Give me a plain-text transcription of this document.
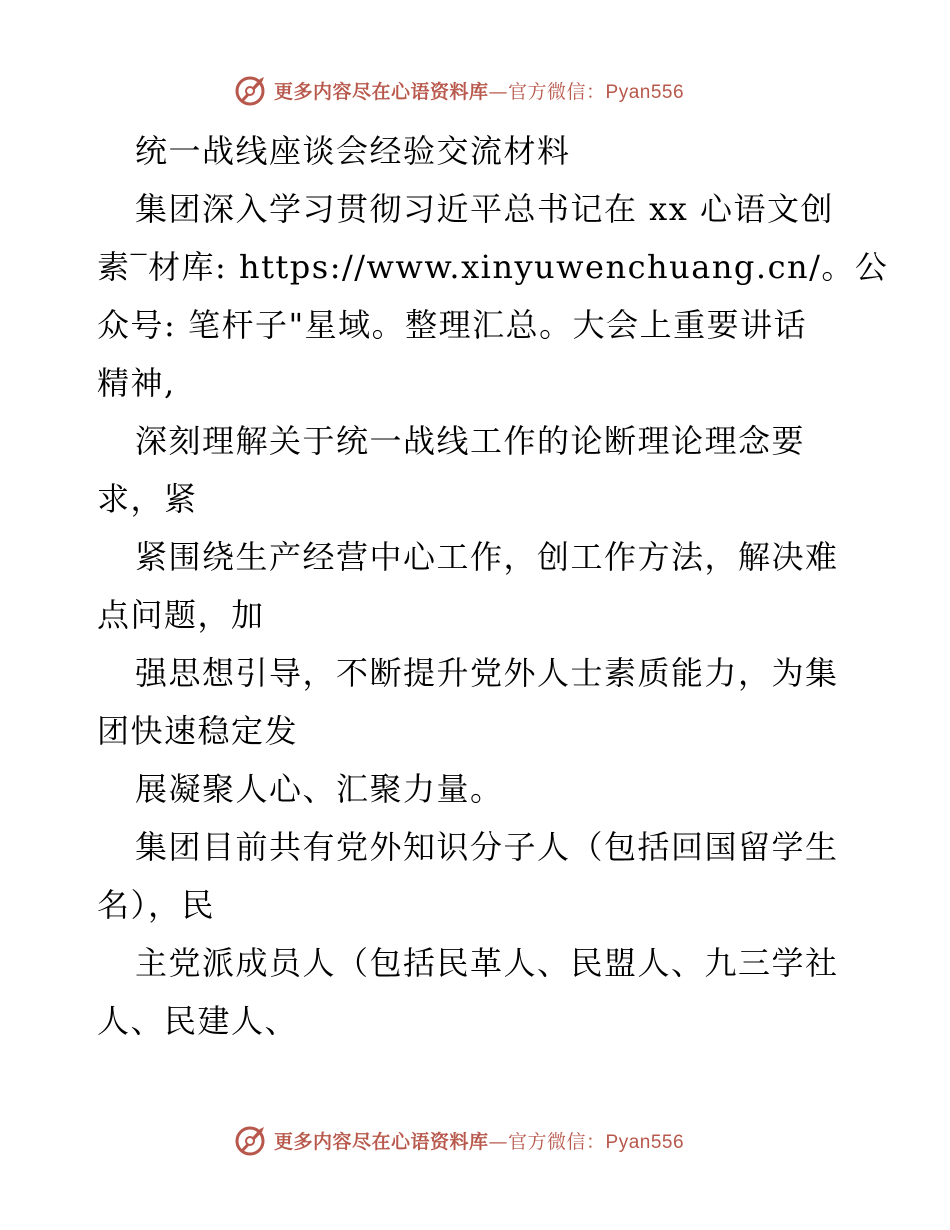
更多内容尽在心语资料库—官方微信：Pyan556
统一战线座谈会经验交流材料
集团深入学习贯彻习近平总书记在 xx 心语文创
素‾材库: https://www.xinyuwenchuang.cn/。公
众号: 笔杆子"星域。整理汇总。大会上重要讲话
精神,
深刻理解关于统一战线工作的论断理论理念要
求，紧
紧围绕生产经营中心工作，创工作方法，解决难
点问题，加
强思想引导，不断提升党外人士素质能力，为集
团快速稳定发
展凝聚人心、汇聚力量。
集团目前共有党外知识分子人（包括回国留学生
名），民
主党派成员人（包括民革人、民盟人、九三学社
人、民建人、
更多内容尽在心语资料库—官方微信：Pyan556
